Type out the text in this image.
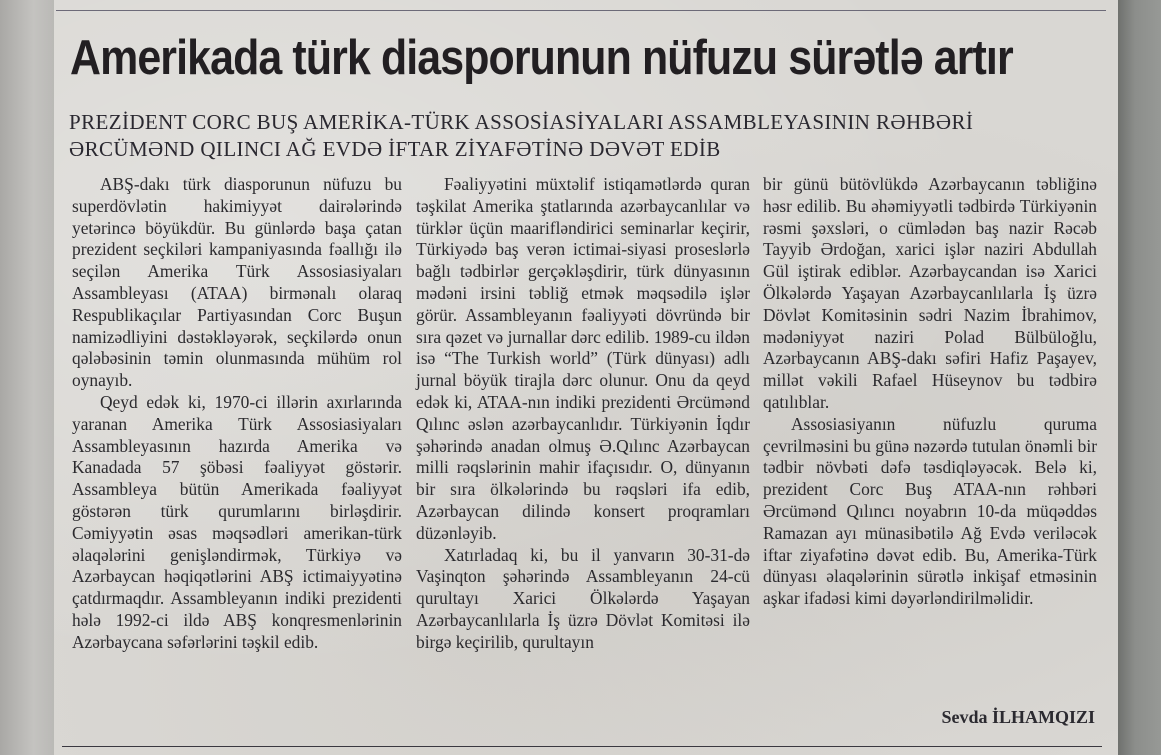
Amerikada türk diasporunun nüfuzu sürətlə artır
PREZİDENT CORC BUŞ AMERİKA-TÜRK ASSOSİASİYALARI ASSAMBLEYASININ RƏHBƏRİ
ƏRCÜMƏND QILINCI AĞ EVDƏ İFTAR ZİYAFƏTİNƏ DƏVƏT EDİB

ABŞ-dakı türk diasporunun nüfuzu bu superdövlətin hakimiyyət dairələrində yetərincə böyükdür. Bu günlərdə başa çatan prezident seçkiləri kampaniyasında fəallığı ilə seçilən Amerika Türk Assosiasiyaları Assambleyası (ATAA) birmənalı olaraq Respublikaçılar Partiyasından Corc Buşun namizədliyini dəstəkləyərək, seçkilərdə onun qələbəsinin təmin olunmasında mühüm rol oynayıb.

Qeyd edək ki, 1970-ci illərin axırlarında yaranan Amerika Türk Assosiasiyaları Assambleyasının hazırda Amerika və Kanadada 57 şöbəsi fəaliyyət göstərir. Assambleya bütün Amerikada fəaliyyət göstərən türk qurumlarını birləşdirir. Cəmiyyətin əsas məqsədləri amerikan-türk əlaqələrini genişləndirmək, Türkiyə və Azərbaycan həqiqətlərini ABŞ ictimaiyyətinə çatdırmaqdır. Assambleyanın indiki prezidenti hələ 1992-ci ildə ABŞ konqresmenlərinin Azərbaycana səfərlərini təşkil edib.

Fəaliyyətini müxtəlif istiqamətlərdə quran təşkilat Amerika ştatlarında azərbaycanlılar və türklər üçün maarifləndirici seminarlar keçirir, Türkiyədə baş verən ictimai-siyasi proseslərlə bağlı tədbirlər gerçəkləşdirir, türk dünyasının mədəni irsini təbliğ etmək məqsədilə işlər görür. Assambleyanın fəaliyyəti dövründə bir sıra qəzet və jurnallar dərc edilib. 1989-cu ildən isə “The Turkish world” (Türk dünyası) adlı jurnal böyük tirajla dərc olunur. Onu da qeyd edək ki, ATAA-nın indiki prezidenti Ərcümənd Qılınc əslən azərbaycanlıdır. Türkiyənin İqdır şəhərində anadan olmuş Ə.Qılınc Azərbaycan milli rəqslərinin mahir ifaçısıdır. O, dünyanın bir sıra ölkələrində bu rəqsləri ifa edib, Azərbaycan dilində konsert proqramları düzənləyib.

Xatırladaq ki, bu il yanvarın 30-31-də Vaşinqton şəhərində Assambleyanın 24-cü qurultayı Xarici Ölkələrdə Yaşayan Azərbaycanlılarla İş üzrə Dövlət Komitəsi ilə birgə keçirilib, qurultayın

bir günü bütövlükdə Azərbaycanın təbliğinə həsr edilib. Bu əhəmiyyətli tədbirdə Türkiyənin rəsmi şəxsləri, o cümlədən baş nazir Rəcəb Tayyib Ərdoğan, xarici işlər naziri Abdullah Gül iştirak ediblər. Azərbaycandan isə Xarici Ölkələrdə Yaşayan Azərbaycanlılarla İş üzrə Dövlət Komitəsinin sədri Nazim İbrahimov, mədəniyyət naziri Polad Bülbüloğlu, Azərbaycanın ABŞ-dakı səfiri Hafiz Paşayev, millət vəkili Rafael Hüseynov bu tədbirə qatılıblar.

Assosiasiyanın nüfuzlu quruma çevrilməsini bu günə nəzərdə tutulan önəmli bir tədbir növbəti dəfə təsdiqləyəcək. Belə ki, prezident Corc Buş ATAA-nın rəhbəri Ərcümənd Qılıncı noyabrın 10-da müqəddəs Ramazan ayı münasibətilə Ağ Evdə veriləcək iftar ziyafətinə dəvət edib. Bu, Amerika-Türk dünyası əlaqələrinin sürətlə inkişaf etməsinin aşkar ifadəsi kimi dəyərləndirilməlidir.

Sevda İLHAMQIZI
